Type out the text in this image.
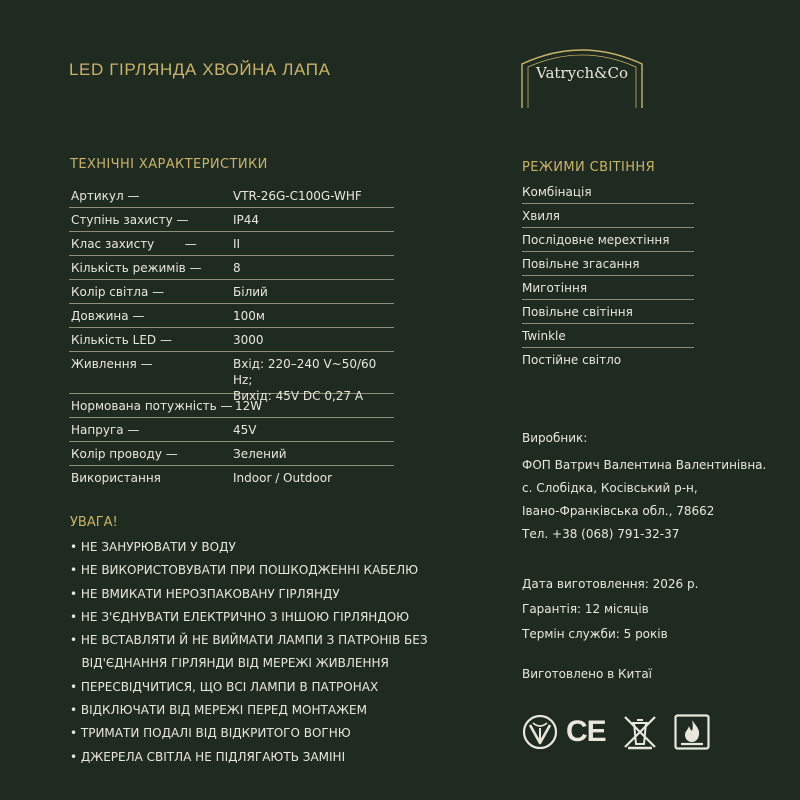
LED ГІРЛЯНДА ХВОЙНА ЛАПА	Vatrych&Co
ТЕХНІЧНІ ХАРАКТЕРИСТИКИ
Артикул —	VTR-26G-C100G-WHF
Ступінь захисту —	IP44
Клас захисту        —	II
Кількість режимів —	8
Колір світла —	Білий
Довжина —	100м
Кількість LED —	3000
Живлення —	Вхід: 220–240 V~50/60 Hz;
Вихід: 45V DC 0,27 A
Нормована потужність — 12W
Напруга —	45V
Колір проводу —	Зелений
Використання	Indoor / Outdoor
РЕЖИМИ СВІТІННЯ
Комбінація
Хвиля
Послідовне мерехтіння
Повільне згасання
Миготіння
Повільне світіння
Twinkle
Постійне світло
УВАГА!
• НЕ ЗАНУРЮВАТИ У ВОДУ
• НЕ ВИКОРИСТОВУВАТИ ПРИ ПОШКОДЖЕННІ КАБЕЛЮ
• НЕ ВМИКАТИ НЕРОЗПАКОВАНУ ГІРЛЯНДУ
• НЕ З'ЄДНУВАТИ ЕЛЕКТРИЧНО З ІНШОЮ ГІРЛЯНДОЮ
• НЕ ВСТАВЛЯТИ Й НЕ ВИЙМАТИ ЛАМПИ З ПАТРОНІВ БЕЗ
ВІД'ЄДНАННЯ ГІРЛЯНДИ ВІД МЕРЕЖІ ЖИВЛЕННЯ
• ПЕРЕСВІДЧИТИСЯ, ЩО ВСІ ЛАМПИ В ПАТРОНАХ
• ВІДКЛЮЧАТИ ВІД МЕРЕЖІ ПЕРЕД МОНТАЖЕМ
• ТРИМАТИ ПОДАЛІ ВІД ВІДКРИТОГО ВОГНЮ
• ДЖЕРЕЛА СВІТЛА НЕ ПІДЛЯГАЮТЬ ЗАМІНІ
Виробник:
ФОП Ватрич Валентина Валентинівна.
с. Слобідка, Косівський р-н,
Івано-Франківська обл., 78662
Тел. +38 (068) 791-32-37
Дата виготовлення: 2026 р.
Гарантія: 12 місяців
Термін служби: 5 років
Виготовлено в Китаї
CE
